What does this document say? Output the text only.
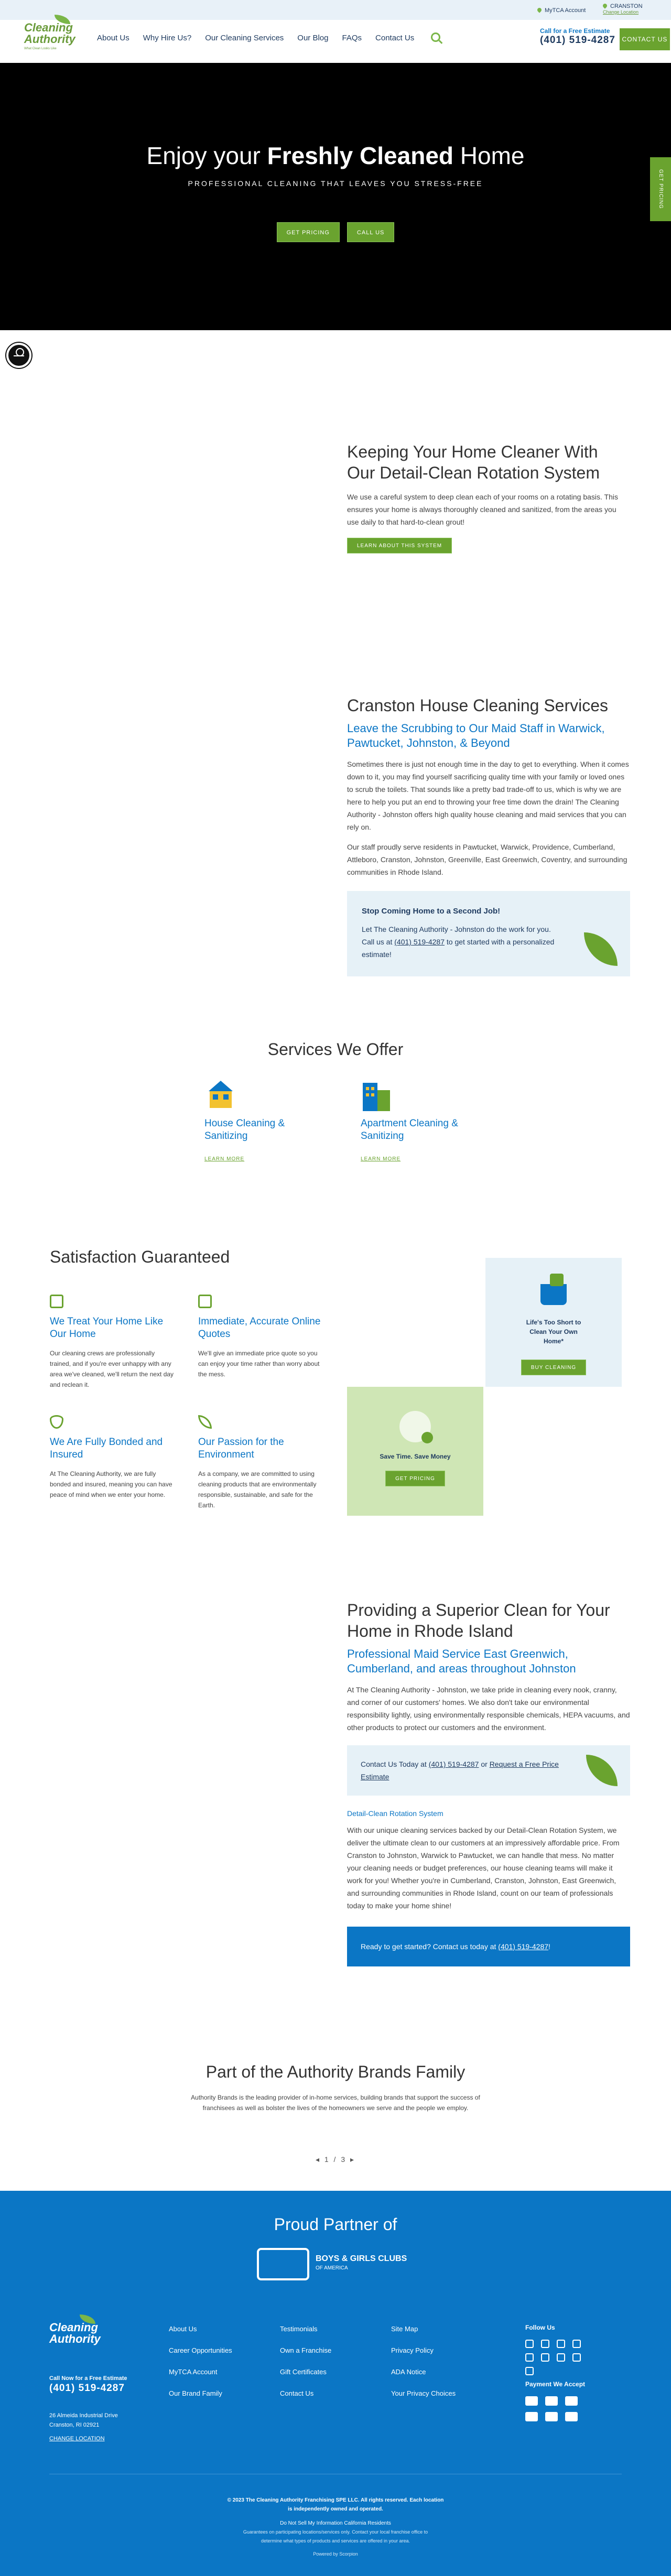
Cleaning Authority
What Clean Looks Like
About Us Why Hire Us? Our Cleaning Services Our Blog FAQs Contact Us
MyTCA Account
CRANSTON
Change Location
Call for a Free Estimate
(401) 519-4287	CONTACT US
Enjoy your Freshly Cleaned Home
PROFESSIONAL CLEANING THAT LEAVES YOU STRESS-FREE
GET PRICING	CALL US
GET PRICING
Keeping Your Home Cleaner With Our Detail-Clean Rotation System

We use a careful system to deep clean each of your rooms on a rotating basis. This ensures your home is always thoroughly cleaned and sanitized, from the areas you use daily to that hard-to-clean grout!

LEARN ABOUT THIS SYSTEM
Cranston House Cleaning Services
Leave the Scrubbing to Our Maid Staff in Warwick, Pawtucket, Johnston, & Beyond

Sometimes there is just not enough time in the day to get to everything. When it comes down to it, you may find yourself sacrificing quality time with your family or loved ones to scrub the toilets. That sounds like a pretty bad trade-off to us, which is why we are here to help you put an end to throwing your free time down the drain! The Cleaning Authority - Johnston offers high quality house cleaning and maid services that you can rely on.

Our staff proudly serve residents in Pawtucket, Warwick, Providence, Cumberland, Attleboro, Cranston, Johnston, Greenville, East Greenwich, Coventry, and surrounding communities in Rhode Island.

Stop Coming Home to a Second Job!

Let The Cleaning Authority - Johnston do the work for you. Call us at (401) 519-4287 to get started with a personalized estimate!

Services We Offer
House Cleaning & Sanitizing
LEARN MORE
Apartment Cleaning & Sanitizing
LEARN MORE
Satisfaction Guaranteed
We Treat Your Home Like Our Home
Our cleaning crews are professionally trained, and if you're ever unhappy with any area we've cleaned, we'll return the next day and reclean it.
Immediate, Accurate Online Quotes
We'll give an immediate price quote so you can enjoy your time rather than worry about the mess.
We Are Fully Bonded and Insured
At The Cleaning Authority, we are fully bonded and insured, meaning you can have peace of mind when we enter your home.
Our Passion for the Environment
As a company, we are committed to using cleaning products that are environmentally responsible, sustainable, and safe for the Earth.
Life's Too Short to Clean Your Own Home*
BUY CLEANING
Save Time. Save Money
GET PRICING
Providing a Superior Clean for Your Home in Rhode Island
Professional Maid Service East Greenwich, Cumberland, and areas throughout Johnston

At The Cleaning Authority - Johnston, we take pride in cleaning every nook, cranny, and corner of our customers' homes. We also don't take our environmental responsibility lightly, using environmentally responsible chemicals, HEPA vacuums, and other products to protect our customers and the environment.

Contact Us Today at (401) 519-4287 or Request a Free Price Estimate

Detail-Clean Rotation System

With our unique cleaning services backed by our Detail-Clean Rotation System, we deliver the ultimate clean to our customers at an impressively affordable price. From Cranston to Johnston, Warwick to Pawtucket, we can handle that mess. No matter your cleaning needs or budget preferences, our house cleaning teams will make it work for you! Whether you're in Cumberland, Cranston, Johnston, East Greenwich, and surrounding communities in Rhode Island, count on our team of professionals today to make your home shine!

Ready to get started? Contact us today at (401) 519-4287!
Part of the Authority Brands Family
Authority Brands is the leading provider of in-home services, building brands that support the success of franchisees as well as bolster the lives of the homeowners we serve and the people we employ.
◂ 1 / 3 ▸
Proud Partner of
BOYS & GIRLS CLUBS
OF AMERICA
Cleaning Authority
Call Now for a Free Estimate
(401) 519-4287
26 Almeida Industrial Drive
Cranston, RI 02921
CHANGE LOCATION
About Us
Career Opportunities
MyTCA Account
Our Brand Family
Testimonials
Own a Franchise
Gift Certificates
Contact Us
Site Map
Privacy Policy
ADA Notice
Your Privacy Choices
Follow Us
Payment We Accept
© 2023 The Cleaning Authority Franchising SPE LLC. All rights reserved. Each location
is independently owned and operated.
Do Not Sell My Information California Residents
Guarantees on participating locations/services only. Contact your local franchise office to
determine what types of products and services are offered in your area.
Powered by Scorpion
